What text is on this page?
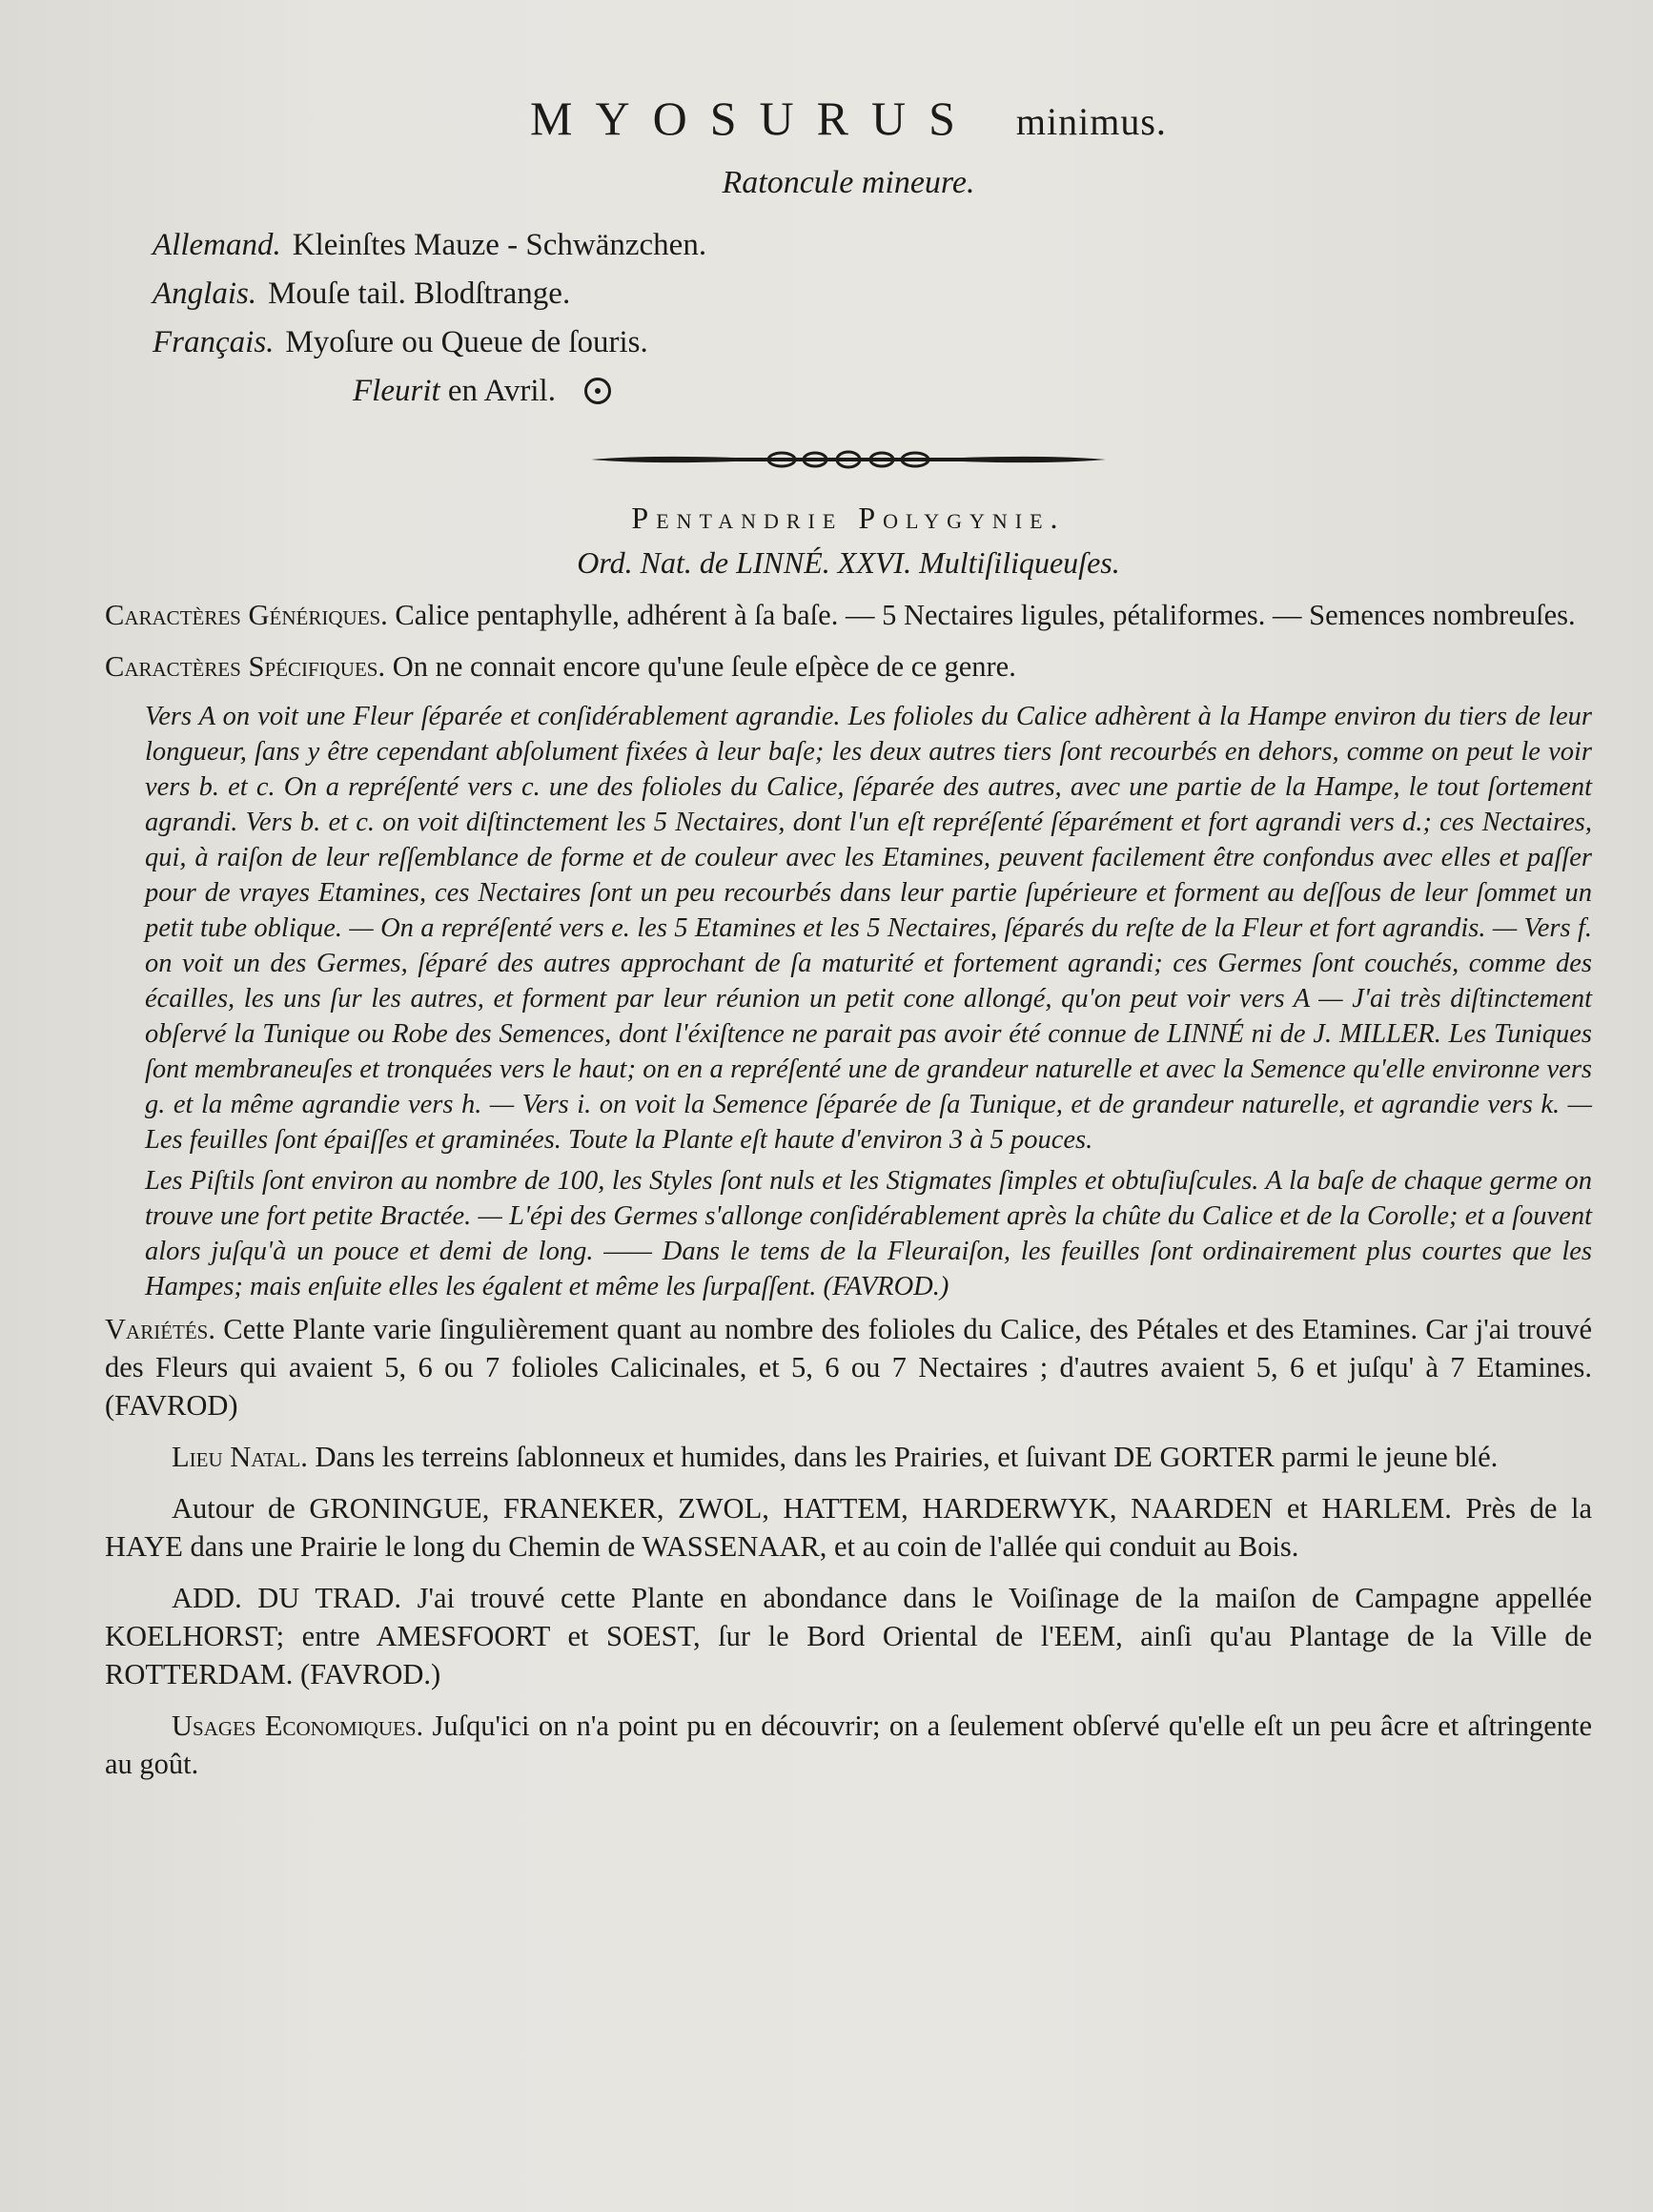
MYOSURUS minimus.
Ratoncule mineure.
Allemand. Kleinſtes Mauze - Schwänzchen.
Anglais. Mouſe tail. Blodſtrange.
Français. Myoſure ou Queue de ſouris.
Fleurit en Avril.
Pentandrie Polygynie.
Ord. Nat. de LINNÉ. XXVI. Multiſiliqueuſes.

Caractères Génériques. Calice pentaphylle, adhérent à ſa baſe. — 5 Nectaires ligules, pétaliformes. — Semences nombreuſes.

Caractères Spécifiques. On ne connait encore qu'une ſeule eſpèce de ce genre.

Vers A on voit une Fleur ſéparée et conſidérablement agrandie. Les folioles du Calice adhèrent à la Hampe environ du tiers de leur longueur, ſans y être cependant abſolument fixées à leur baſe; les deux autres tiers ſont recourbés en dehors, comme on peut le voir vers b. et c. On a repréſenté vers c. une des folioles du Calice, ſéparée des autres, avec une partie de la Hampe, le tout ſortement agrandi. Vers b. et c. on voit diſtinctement les 5 Nectaires, dont l'un eſt repréſenté ſéparément et fort agrandi vers d.; ces Nectaires, qui, à raiſon de leur reſſemblance de forme et de couleur avec les Etamines, peuvent facilement être confondus avec elles et paſſer pour de vrayes Etamines, ces Nectaires ſont un peu recourbés dans leur partie ſupérieure et forment au deſſous de leur ſommet un petit tube oblique. — On a repréſenté vers e. les 5 Etamines et les 5 Nectaires, ſéparés du reſte de la Fleur et fort agrandis. — Vers f. on voit un des Germes, ſéparé des autres approchant de ſa maturité et fortement agrandi; ces Germes ſont couchés, comme des écailles, les uns ſur les autres, et forment par leur réunion un petit cone allongé, qu'on peut voir vers A — J'ai très diſtinctement obſervé la Tunique ou Robe des Semences, dont l'éxiſtence ne parait pas avoir été connue de LINNÉ ni de J. MILLER. Les Tuniques ſont membraneuſes et tronquées vers le haut; on en a repréſenté une de grandeur naturelle et avec la Semence qu'elle environne vers g. et la même agrandie vers h. — Vers i. on voit la Semence ſéparée de ſa Tunique, et de grandeur naturelle, et agrandie vers k. — Les feuilles ſont épaiſſes et graminées. Toute la Plante eſt haute d'environ 3 à 5 pouces.

Les Piſtils ſont environ au nombre de 100, les Styles ſont nuls et les Stigmates ſimples et obtuſiuſcules. A la baſe de chaque germe on trouve une fort petite Bractée. — L'épi des Germes s'allonge conſidérablement après la chûte du Calice et de la Corolle; et a ſouvent alors juſqu'à un pouce et demi de long. —— Dans le tems de la Fleuraiſon, les feuilles ſont ordinairement plus courtes que les Hampes; mais enſuite elles les égalent et même les ſurpaſſent. (FAVROD.)

Variétés. Cette Plante varie ſingulièrement quant au nombre des folioles du Calice, des Pétales et des Etamines. Car j'ai trouvé des Fleurs qui avaient 5, 6 ou 7 folioles Calicinales, et 5, 6 ou 7 Nectaires ; d'autres avaient 5, 6 et juſqu' à 7 Etamines. (FAVROD)

Lieu Natal. Dans les terreins ſablonneux et humides, dans les Prairies, et ſuivant DE GORTER parmi le jeune blé.

Autour de GRONINGUE, FRANEKER, ZWOL, HATTEM, HARDERWYK, NAARDEN et HARLEM. Près de la HAYE dans une Prairie le long du Chemin de WASSENAAR, et au coin de l'allée qui conduit au Bois.

ADD. DU TRAD. J'ai trouvé cette Plante en abondance dans le Voiſinage de la maiſon de Campagne appellée KOELHORST; entre AMESFOORT et SOEST, ſur le Bord Oriental de l'EEM, ainſi qu'au Plantage de la Ville de ROTTERDAM. (FAVROD.)

Usages Economiques. Juſqu'ici on n'a point pu en découvrir; on a ſeulement obſervé qu'elle eſt un peu âcre et aſtringente au goût.
